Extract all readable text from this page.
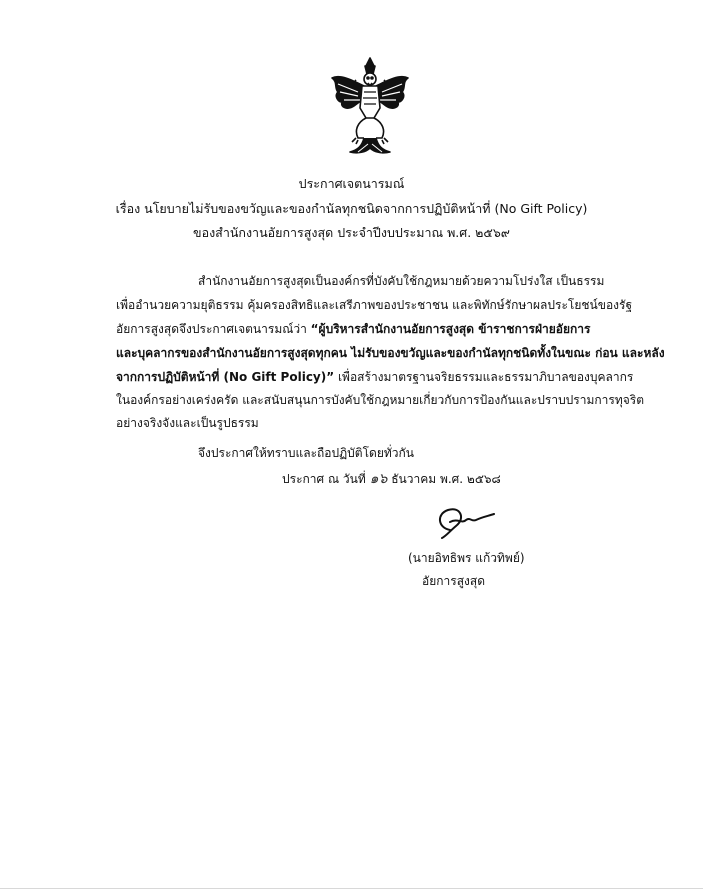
ประกาศเจตนารมณ์
เรื่อง นโยบายไม่รับของขวัญและของกำนัลทุกชนิดจากการปฏิบัติหน้าที่ (No Gift Policy)
ของสำนักงานอัยการสูงสุด ประจำปีงบประมาณ พ.ศ. ๒๕๖๙
สำนักงานอัยการสูงสุดเป็นองค์กรที่บังคับใช้กฎหมายด้วยความโปร่งใส เป็นธรรม
เพื่ออำนวยความยุติธรรม คุ้มครองสิทธิและเสรีภาพของประชาชน และพิทักษ์รักษาผลประโยชน์ของรัฐ
อัยการสูงสุดจึงประกาศเจตนารมณ์ว่า “ผู้บริหารสำนักงานอัยการสูงสุด ข้าราชการฝ่ายอัยการ
และบุคลากรของสำนักงานอัยการสูงสุดทุกคน ไม่รับของขวัญและของกำนัลทุกชนิดทั้งในขณะ ก่อน และหลัง
จากการปฏิบัติหน้าที่ (No Gift Policy)” เพื่อสร้างมาตรฐานจริยธรรมและธรรมาภิบาลของบุคลากร
ในองค์กรอย่างเคร่งครัด และสนับสนุนการบังคับใช้กฎหมายเกี่ยวกับการป้องกันและปราบปรามการทุจริต
อย่างจริงจังและเป็นรูปธรรม
จึงประกาศให้ทราบและถือปฏิบัติโดยทั่วกัน
ประกาศ ณ วันที่ ๑๖ ธันวาคม พ.ศ. ๒๕๖๘
(นายอิทธิพร แก้วทิพย์)
อัยการสูงสุด
